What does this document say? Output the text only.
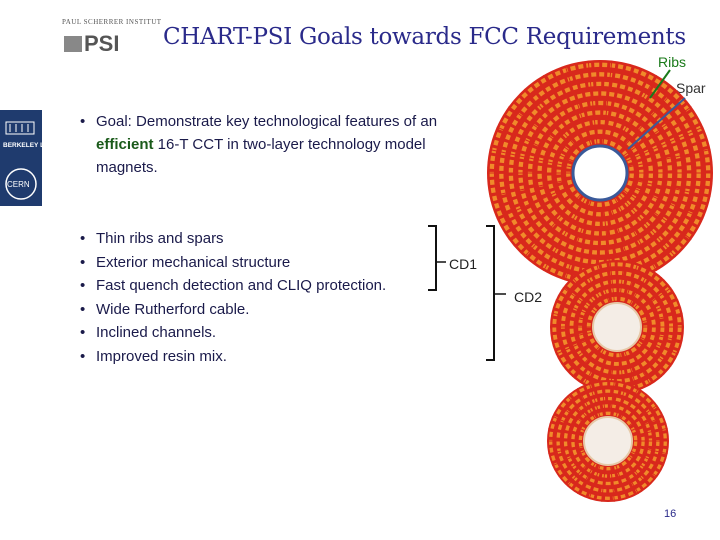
PAUL SCHERRER INSTITUT
PSI CHART-PSI Goals towards FCC Requirements
BERKELEY LAB
CERN
Ribs
Spar
• Goal: Demonstrate key technological features of an efficient 16-T CCT in two-layer technology model magnets.
• Thin ribs and spars
• Exterior mechanical structure
• Fast quench detection and CLIQ protection.
• Wide Rutherford cable.
• Inclined channels.
• Improved resin mix.
CD1
CD2
16
